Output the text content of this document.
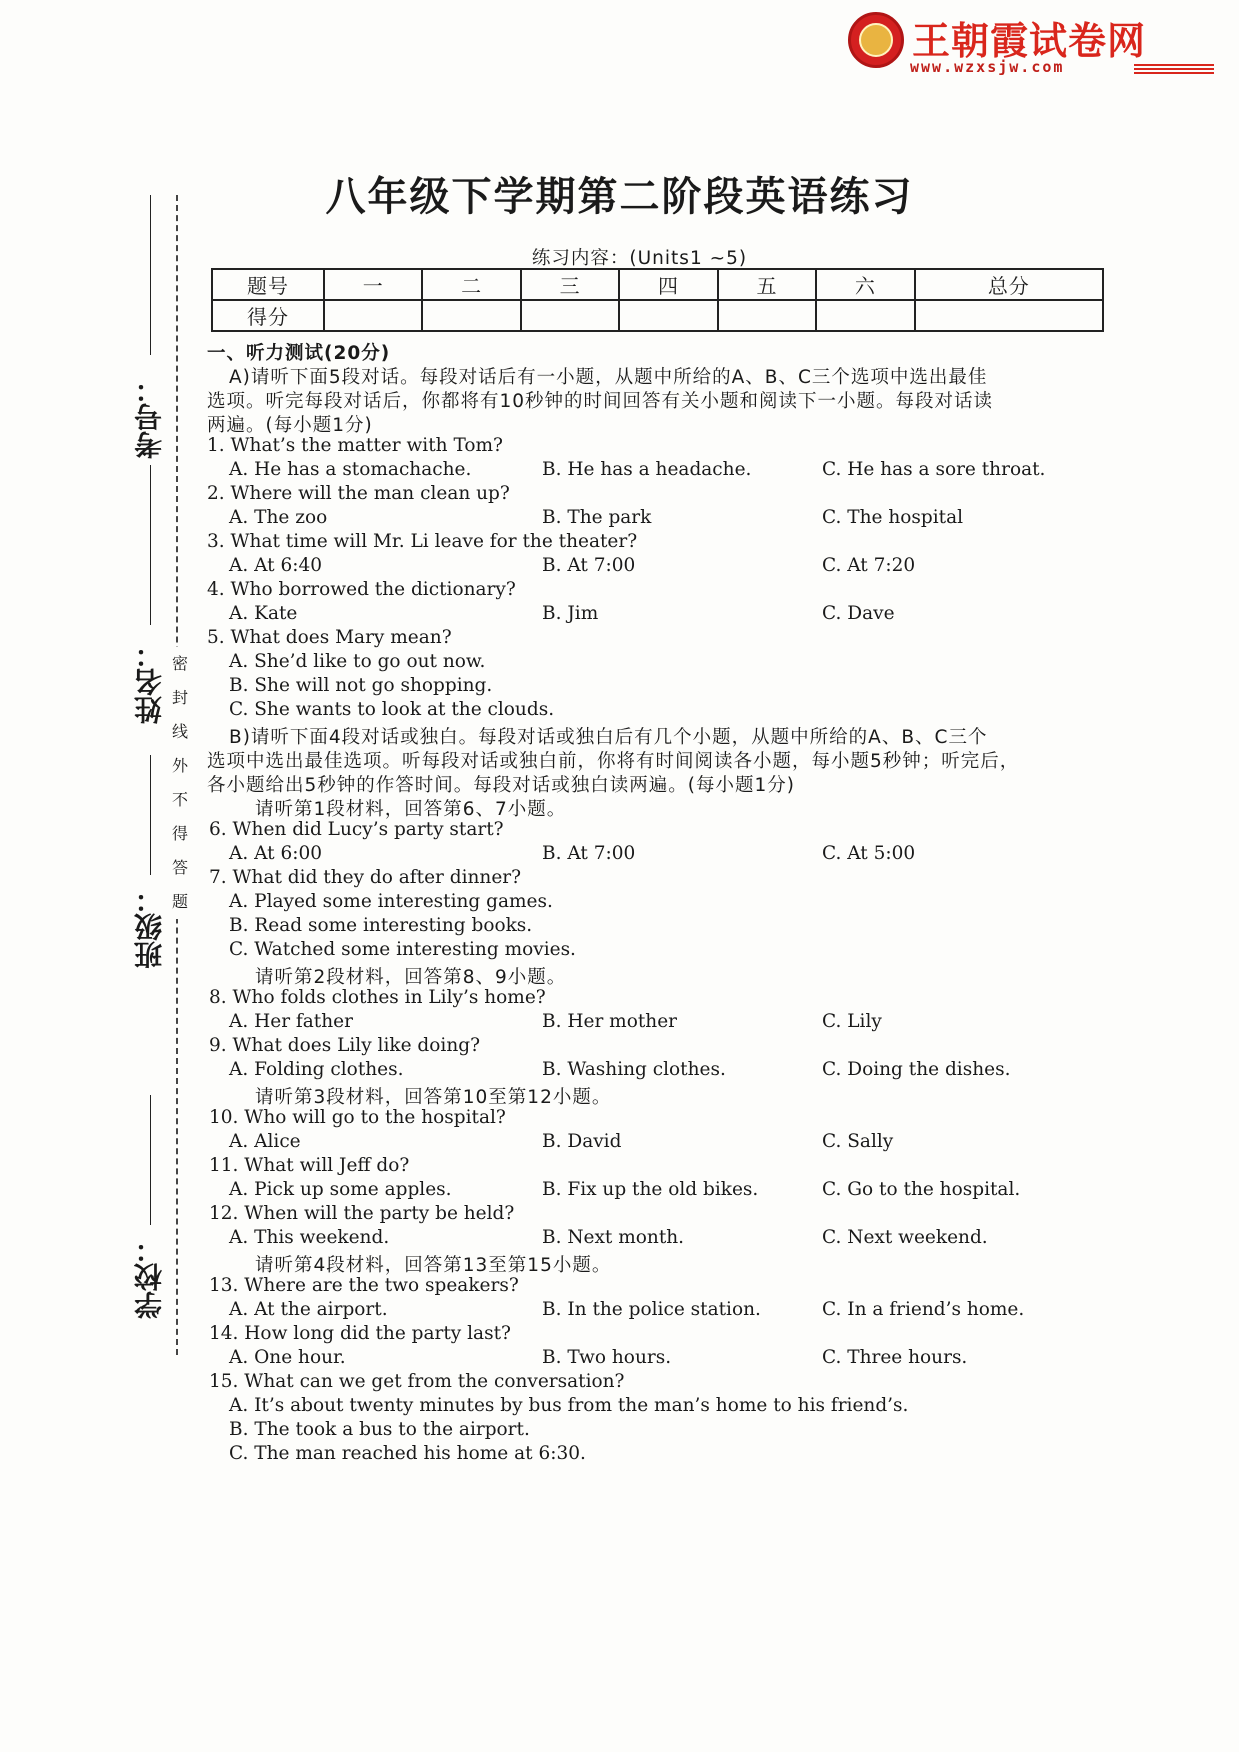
王朝霞试卷网
www.wzxsjw.com
考号：
姓名：
班级：
学校：
密
封
线
外
不
得
答
题
八年级下学期第二阶段英语练习
练习内容：(Units1 ~5)
题号	一	二	三	四	五	六	总分
得分							
一、听力测试(20分)
A)请听下面5段对话。每段对话后有一小题，从题中所给的A、B、C三个选项中选出最佳
选项。听完每段对话后，你都将有10秒钟的时间回答有关小题和阅读下一小题。每段对话读
两遍。(每小题1分)
1. What’s the matter with Tom?
A. He has a stomachache.	B. He has a headache.	C. He has a sore throat.
2. Where will the man clean up?
A. The zoo	B. The park	C. The hospital
3. What time will Mr. Li leave for the theater?
A. At 6:40	B. At 7:00	C. At 7:20
4. Who borrowed the dictionary?
A. Kate	B. Jim	C. Dave
5. What does Mary mean?
A. She’d like to go out now.
B. She will not go shopping.
C. She wants to look at the clouds.
B)请听下面4段对话或独白。每段对话或独白后有几个小题，从题中所给的A、B、C三个
选项中选出最佳选项。听每段对话或独白前，你将有时间阅读各小题，每小题5秒钟；听完后，
各小题给出5秒钟的作答时间。每段对话或独白读两遍。(每小题1分)
请听第1段材料，回答第6、7小题。
6. When did Lucy’s party start?
A. At 6:00	B. At 7:00	C. At 5:00
7. What did they do after dinner?
A. Played some interesting games.
B. Read some interesting books.
C. Watched some interesting movies.
请听第2段材料，回答第8、9小题。
8. Who folds clothes in Lily’s home?
A. Her father	B. Her mother	C. Lily
9. What does Lily like doing?
A. Folding clothes.	B. Washing clothes.	C. Doing the dishes.
请听第3段材料，回答第10至第12小题。
10. Who will go to the hospital?
A. Alice	B. David	C. Sally
11. What will Jeff do?
A. Pick up some apples.	B. Fix up the old bikes.	C. Go to the hospital.
12. When will the party be held?
A. This weekend.	B. Next month.	C. Next weekend.
请听第4段材料，回答第13至第15小题。
13. Where are the two speakers?
A. At the airport.	B. In the police station.	C. In a friend’s home.
14. How long did the party last?
A. One hour.	B. Two hours.	C. Three hours.
15. What can we get from the conversation?
A. It’s about twenty minutes by bus from the man’s home to his friend’s.
B. The took a bus to the airport.
C. The man reached his home at 6:30.
